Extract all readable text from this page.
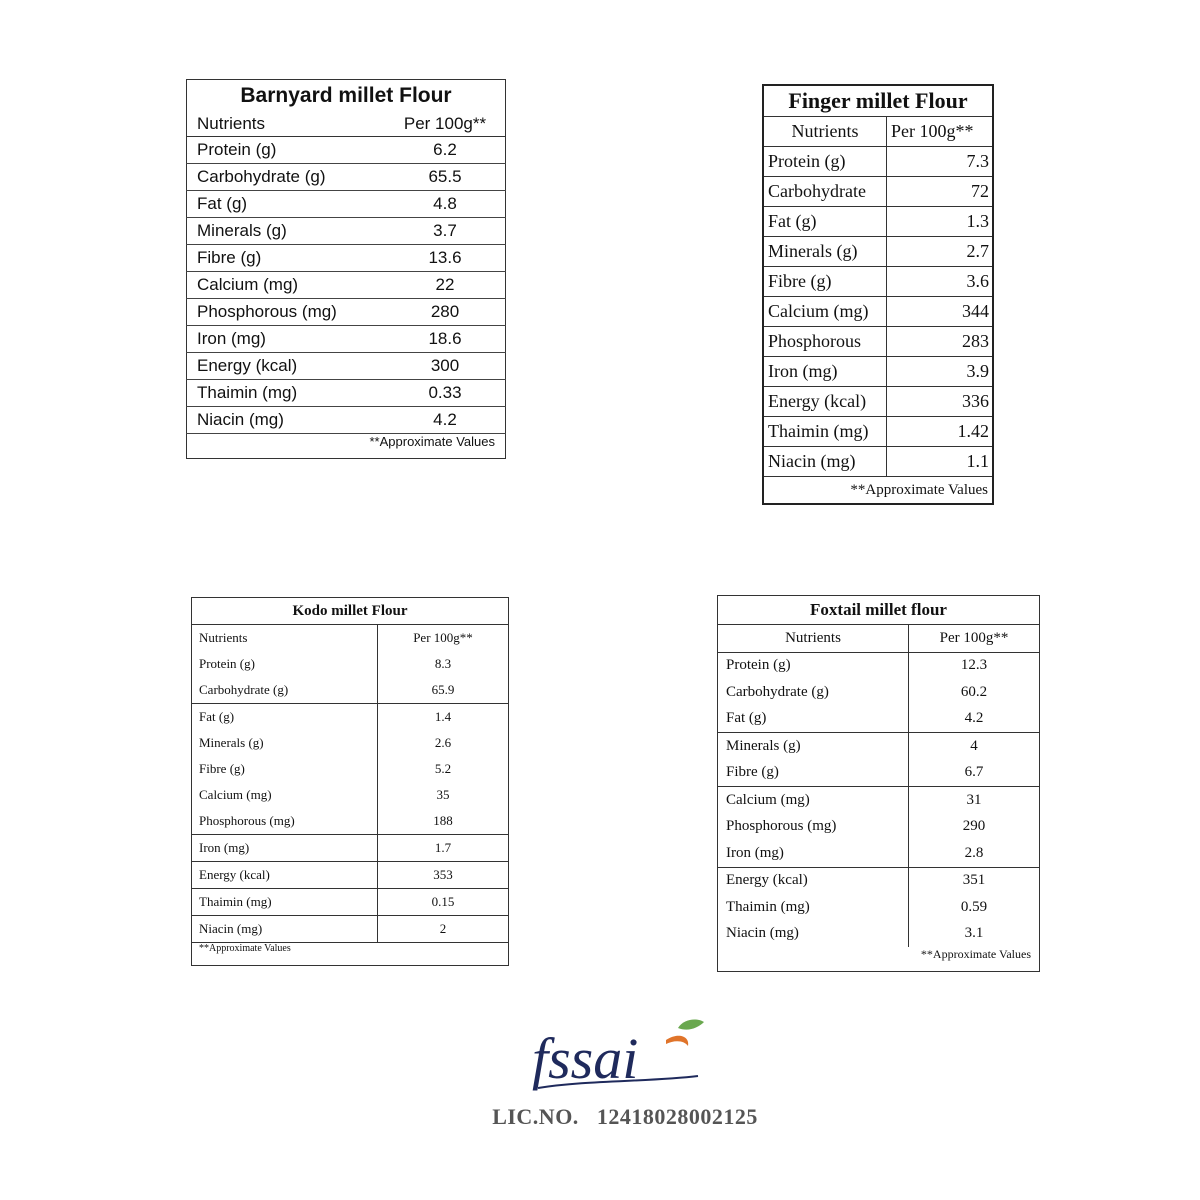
Barnyard millet Flour	
Nutrients	Per 100g**
Protein (g)	6.2
Carbohydrate (g)	65.5
Fat (g)	4.8
Minerals (g)	3.7
Fibre (g)	13.6
Calcium (mg)	22
Phosphorous (mg)	280
Iron (mg)	18.6
Energy (kcal)	300
Thaimin (mg)	0.33
Niacin (mg)	4.2
**Approximate Values	
Finger millet Flour	
Nutrients	Per 100g**
Protein (g)	7.3
Carbohydrate	72
Fat (g)	1.3
Minerals (g)	2.7
Fibre (g)	3.6
Calcium (mg)	344
Phosphorous	283
Iron (mg)	3.9
Energy (kcal)	336
Thaimin (mg)	1.42
Niacin (mg)	1.1
**Approximate Values	
Kodo millet Flour	
Nutrients	Per 100g**
Protein (g)	8.3
Carbohydrate (g)	65.9
Fat (g)	1.4
Minerals (g)	2.6
Fibre (g)	5.2
Calcium (mg)	35
Phosphorous (mg)	188
Iron (mg)	1.7
Energy (kcal)	353
Thaimin (mg)	0.15
Niacin (mg)	2
**Approximate Values	
Foxtail millet flour	
Nutrients	Per 100g**
Protein (g)	12.3
Carbohydrate (g)	60.2
Fat (g)	4.2
Minerals (g)	4
Fibre (g)	6.7
Calcium (mg)	31
Phosphorous (mg)	290
Iron (mg)	2.8
Energy (kcal)	351
Thaimin (mg)	0.59
Niacin (mg)	3.1
**Approximate Values	
fssai
LIC.NO. 12418028002125
